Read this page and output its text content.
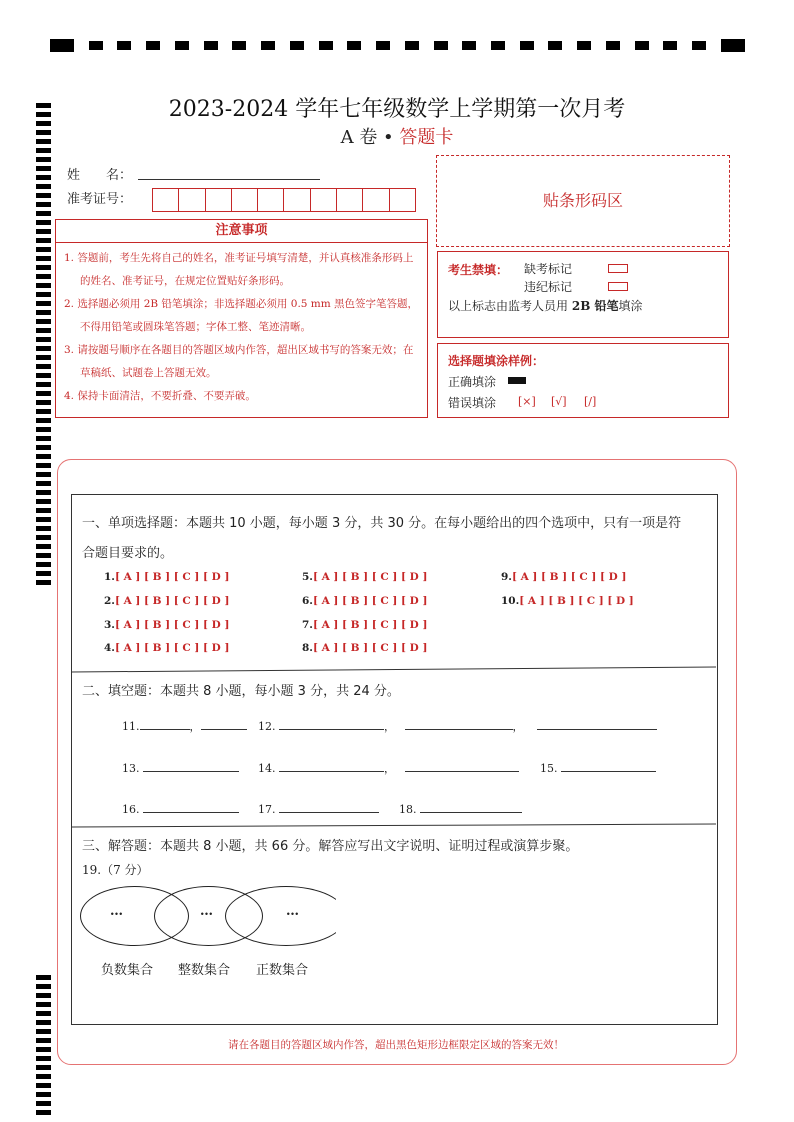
2023-2024 学年七年级数学上学期第一次月考
A 卷 • 答题卡
姓　　名：
准考证号：	贴条形码区
注意事项
1. 答题前，考生先将自己的姓名，准考证号填写清楚，并认真核准条形码上的姓名、准考证号，在规定位置贴好条形码。
2. 选择题必须用 2B 铅笔填涂；非选择题必须用 0.5 mm 黑色签字笔答题，不得用铅笔或圆珠笔答题；字体工整、笔迹清晰。
3. 请按题号顺序在各题目的答题区域内作答，超出区域书写的答案无效；在草稿纸、试题卷上答题无效。
4. 保持卡面清洁，不要折叠、不要弄破。
考生禁填： 缺考标记
违纪标记
以上标志由监考人员用 2B 铅笔填涂
选择题填涂样例：
正确填涂
错误填涂 [×] [√] [/]
一、单项选择题：本题共 10 小题，每小题 3 分，共 30 分。在每小题给出的四个选项中，只有一项是符
合题目要求的。
1.[ A ] [ B ] [ C ] [ D ]
2.[ A ] [ B ] [ C ] [ D ]
3.[ A ] [ B ] [ C ] [ D ]
4.[ A ] [ B ] [ C ] [ D ]
5.[ A ] [ B ] [ C ] [ D ]
6.[ A ] [ B ] [ C ] [ D ]
7.[ A ] [ B ] [ C ] [ D ]
8.[ A ] [ B ] [ C ] [ D ]
9.[ A ] [ B ] [ C ] [ D ]
10.[ A ] [ B ] [ C ] [ D ]
二、填空题：本题共 8 小题，每小题 3 分，共 24 分。
11.	，	12.	，	，
13.	14.	，	15.
16.	17.	18.
三、解答题：本题共 8 小题，共 66 分。解答应写出文字说明、证明过程或演算步聚。
19.（7 分）
…	…	…
负数集合 整数集合 正数集合
请在各题目的答题区域内作答，超出黑色矩形边框限定区域的答案无效！
